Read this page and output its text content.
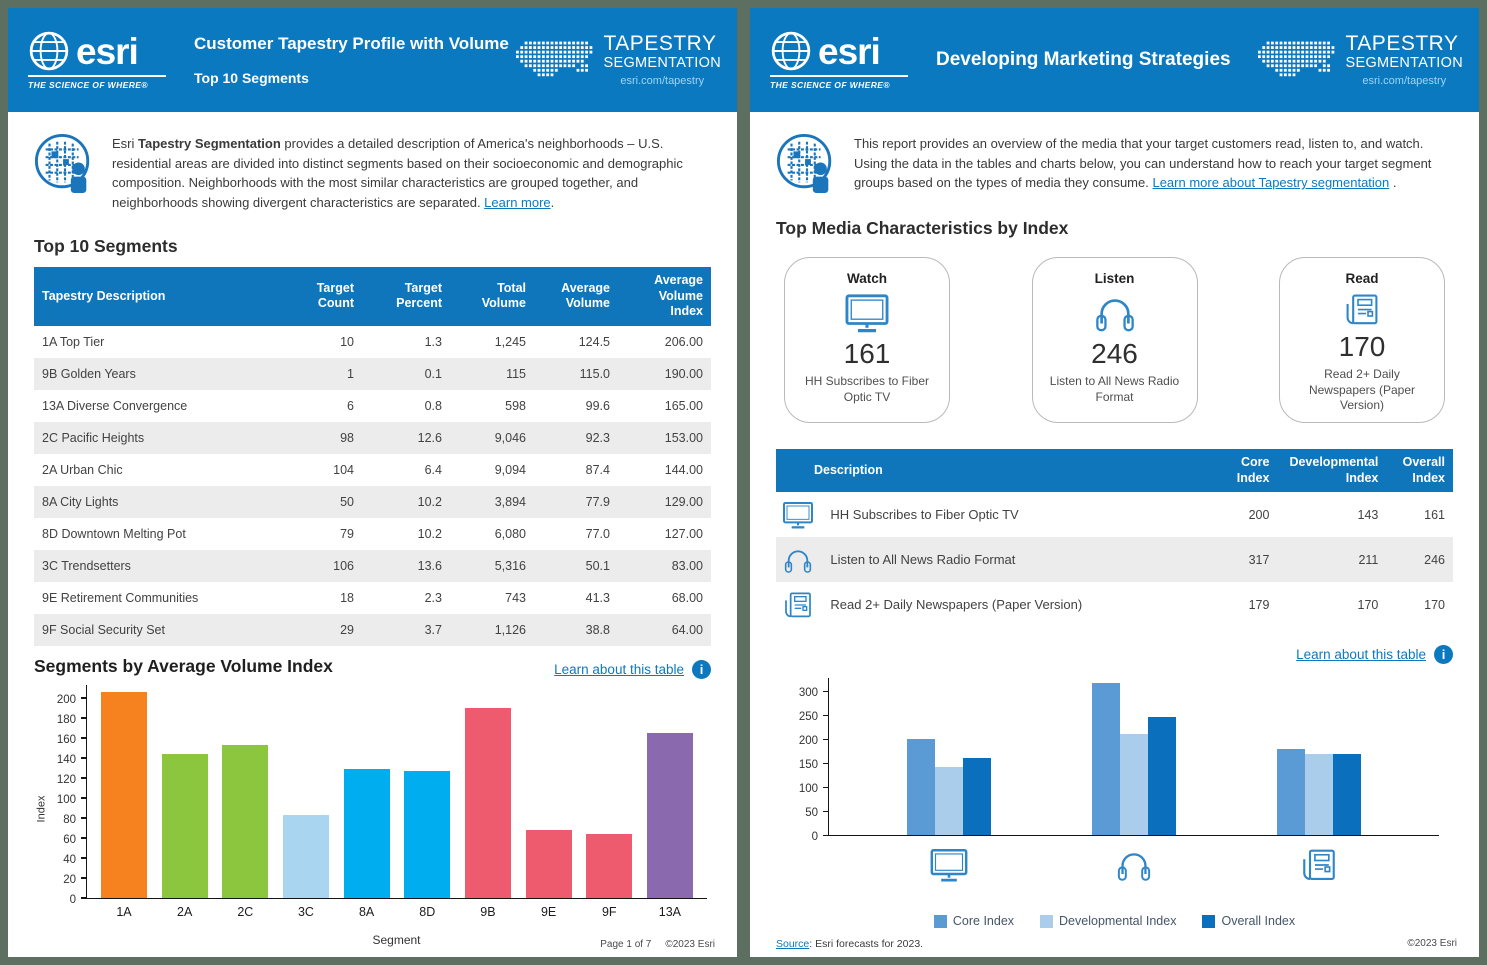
esri
THE SCIENCE OF WHERE®
Customer Tapestry Profile with Volume
Top 10 Segments
TAPESTRY
SEGMENTATION
esri.com/tapestry

Esri Tapestry Segmentation provides a detailed description of America's neighborhoods – U.S. residential areas are divided into distinct segments based on their socioeconomic and demographic composition. Neighborhoods with the most similar characteristics are grouped together, and neighborhoods showing divergent characteristics are separated. Learn more.

Top 10 Segments
Tapestry Description	Target Count	Target Percent	Total Volume	Average Volume	Average Volume Index
1A Top Tier	10	1.3	1,245	124.5	206.00
9B Golden Years	1	0.1	115	115.0	190.00
13A Diverse Convergence	6	0.8	598	99.6	165.00
2C Pacific Heights	98	12.6	9,046	92.3	153.00
2A Urban Chic	104	6.4	9,094	87.4	144.00
8A City Lights	50	10.2	3,894	77.9	129.00
8D Downtown Melting Pot	79	10.2	6,080	77.0	127.00
3C Trendsetters	106	13.6	5,316	50.1	83.00
9E Retirement Communities	18	2.3	743	41.3	68.00
9F Social Security Set	29	3.7	1,126	38.8	64.00
Segments by Average Volume Index	Learn about this table	i
Index
0
20
40
60
80
100
120
140
160
180
200
1A	2A	2C	3C	8A	8D	9B	9E	9F	13A
Segment	Page 1 of 7 ©2023 Esri
esri
THE SCIENCE OF WHERE®
Developing Marketing Strategies
TAPESTRY
SEGMENTATION
esri.com/tapestry

This report provides an overview of the media that your target customers read, listen to, and watch. Using the data in the tables and charts below, you can understand how to reach your target segment groups based on the types of media they consume. Learn more about Tapestry segmentation .

Top Media Characteristics by Index
Watch
161
HH Subscribes to Fiber Optic TV
Listen
246
Listen to All News Radio Format
Read
170
Read 2+ Daily Newspapers (Paper Version)
Description		Core Index	Developmental Index	Overall Index

	HH Subscribes to Fiber Optic TV	200	143	161

	Listen to All News Radio Format	317	211	246

	Read 2+ Daily Newspapers (Paper Version)	179	170	170
Learn about this table	i
0
50
100
150
200
250
300
Core Index	Developmental Index	Overall Index
Source: Esri forecasts for 2023.	©2023 Esri
